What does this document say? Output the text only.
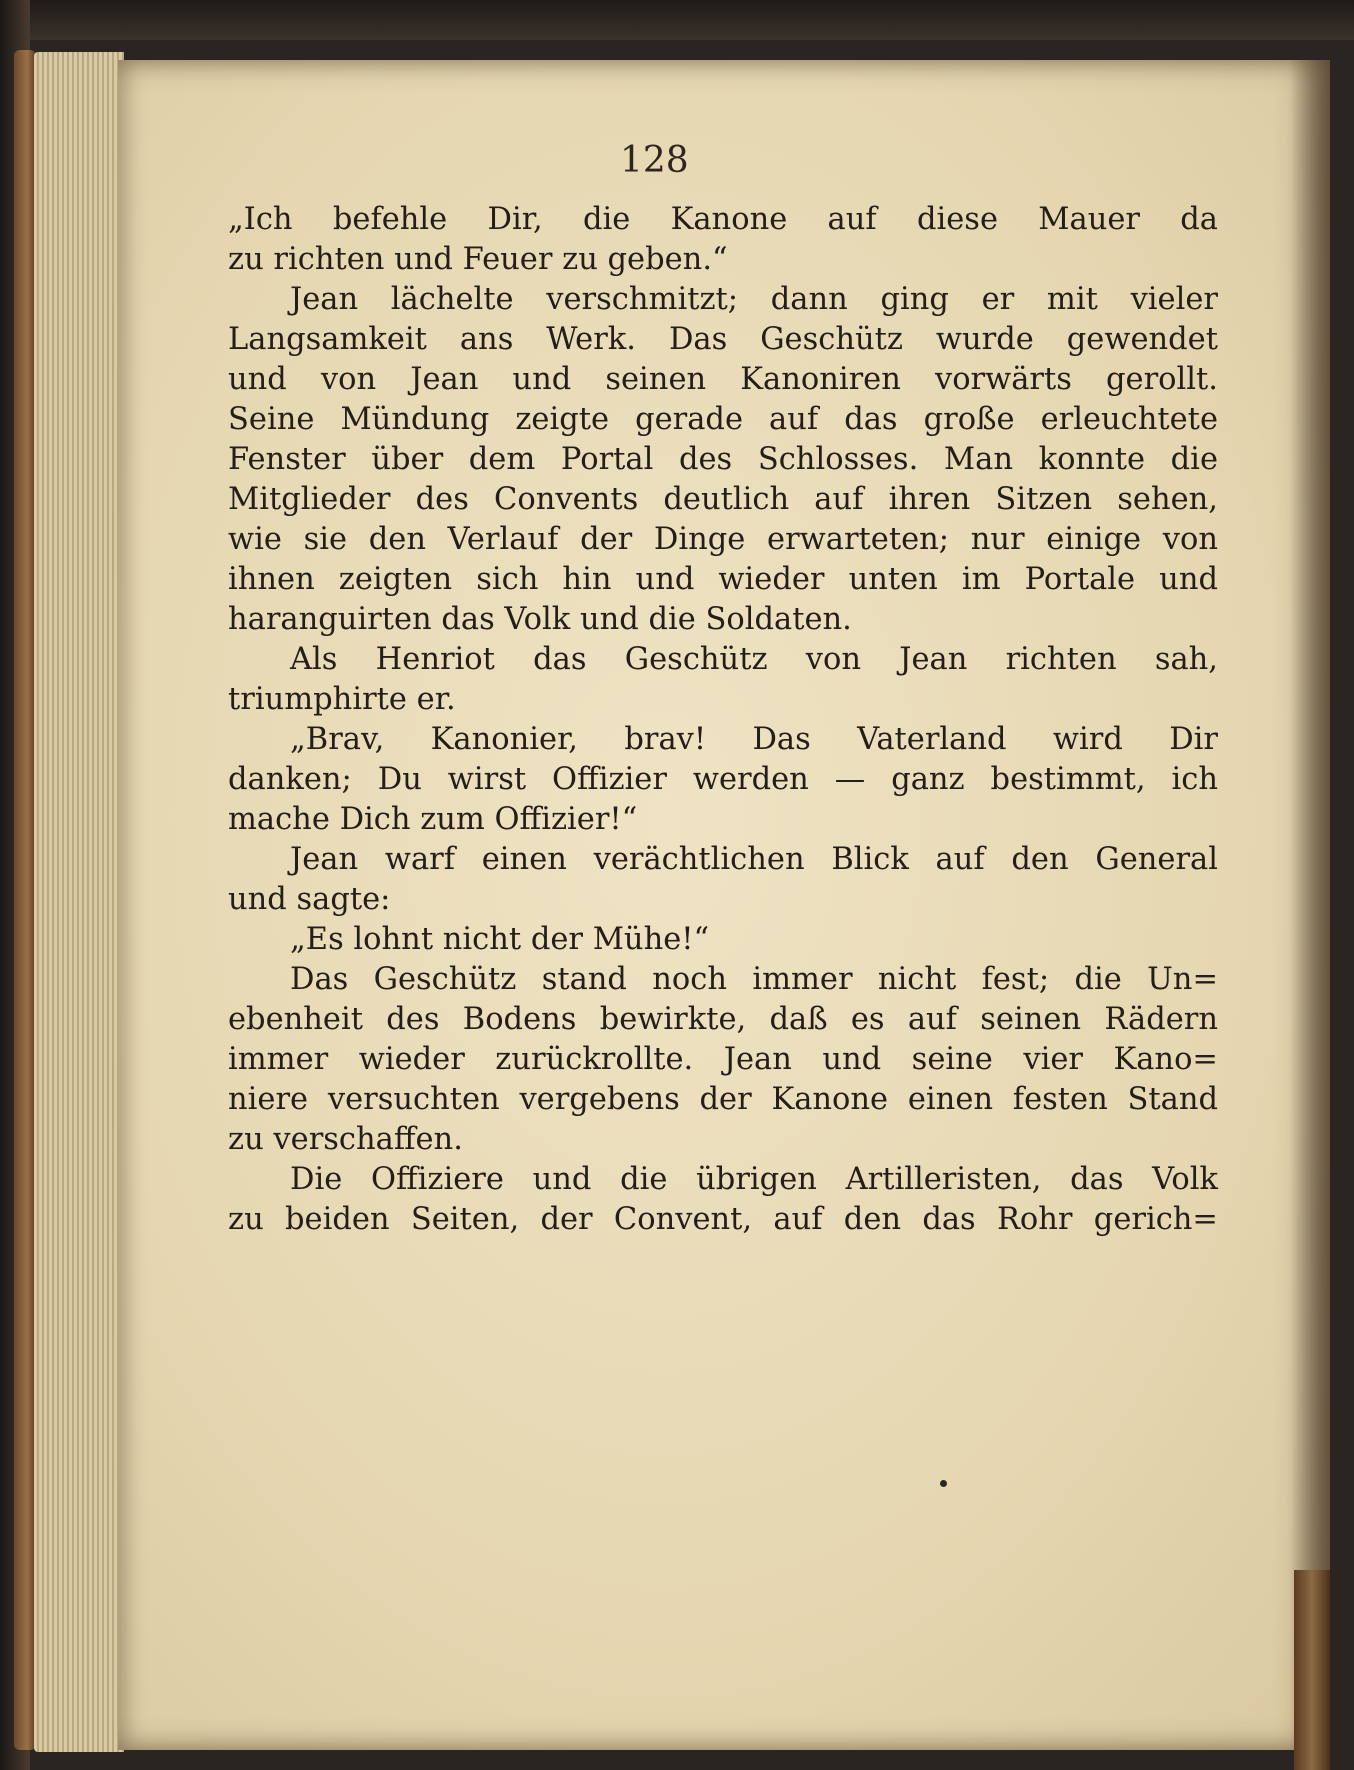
128
„Ich befehle Dir, die Kanone auf diese Mauer da
zu richten und Feuer zu geben.“
Jean lächelte verschmitzt; dann ging er mit vieler
Langsamkeit ans Werk. Das Geschütz wurde gewendet
und von Jean und seinen Kanoniren vorwärts gerollt.
Seine Mündung zeigte gerade auf das große erleuchtete
Fenster über dem Portal des Schlosses. Man konnte die
Mitglieder des Convents deutlich auf ihren Sitzen sehen,
wie sie den Verlauf der Dinge erwarteten; nur einige von
ihnen zeigten sich hin und wieder unten im Portale und
haranguirten das Volk und die Soldaten.
Als Henriot das Geschütz von Jean richten sah,
triumphirte er.
„Brav, Kanonier, brav! Das Vaterland wird Dir
danken; Du wirst Offizier werden — ganz bestimmt, ich
mache Dich zum Offizier!“
Jean warf einen verächtlichen Blick auf den General
und sagte:
„Es lohnt nicht der Mühe!“
Das Geschütz stand noch immer nicht fest; die Un=
ebenheit des Bodens bewirkte, daß es auf seinen Rädern
immer wieder zurückrollte. Jean und seine vier Kano=
niere versuchten vergebens der Kanone einen festen Stand
zu verschaffen.
Die Offiziere und die übrigen Artilleristen, das Volk
zu beiden Seiten, der Convent, auf den das Rohr gerich=
